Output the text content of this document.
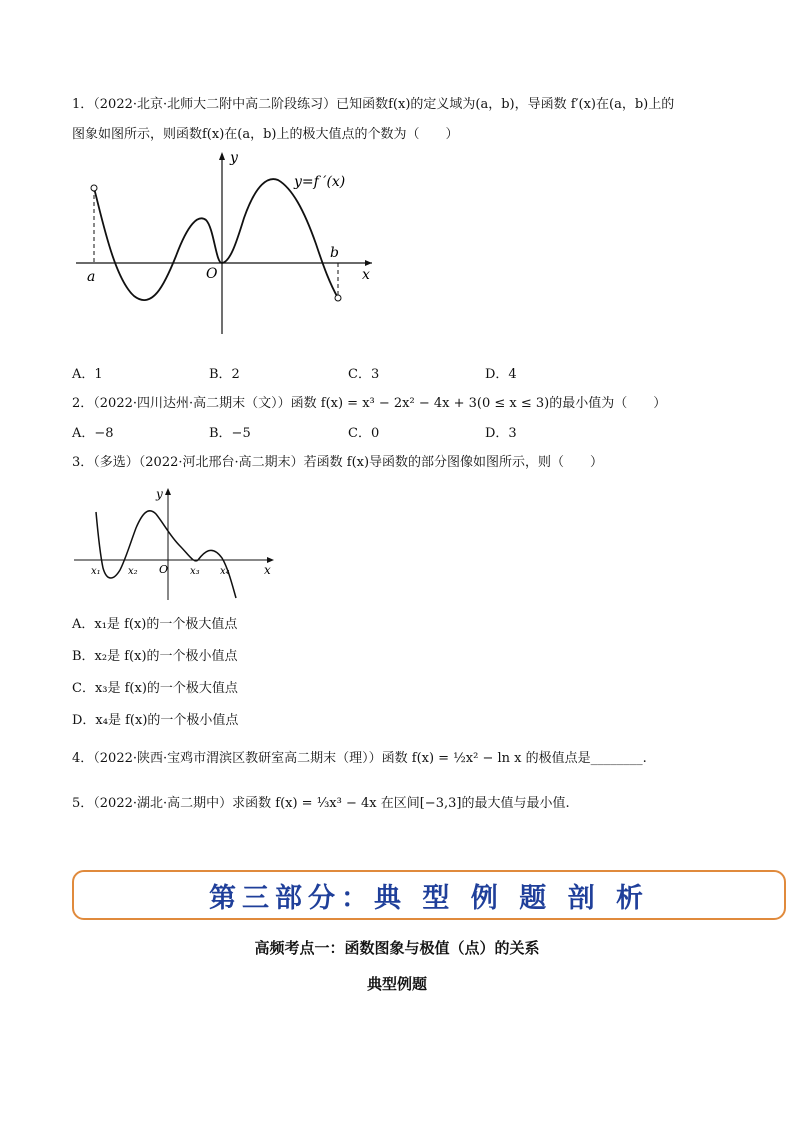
1．（2022·北京·北师大二附中高二阶段练习）已知函数f(x)的定义域为(a，b)，导函数 f′(x)在(a，b)上的
图象如图所示，则函数f(x)在(a，b)上的极大值点的个数为（　　）
y
x
O
a
b
y=f ′(x)
A．1	B．2	C．3	D．4
2．（2022·四川达州·高二期末（文））函数 f(x) = x³ − 2x² − 4x + 3(0 ≤ x ≤ 3)的最小值为（　　）
A．−8	B．−5	C．0	D．3
3．（多选）（2022·河北邢台·高二期末）若函数 f(x)导函数的部分图像如图所示，则（　　）
y
x
O
x₁	x₂	x₃ x₄
A．x₁是 f(x)的一个极大值点
B．x₂是 f(x)的一个极小值点
C．x₃是 f(x)的一个极大值点
D．x₄是 f(x)的一个极小值点
4．（2022·陕西·宝鸡市渭滨区教研室高二期末（理））函数 f(x) = ½x² − ln x 的极值点是________.
5．（2022·湖北·高二期中）求函数 f(x) = ⅓x³ − 4x 在区间[−3,3]的最大值与最小值.
第三部分：典 型 例 题 剖 析
高频考点一：函数图象与极值（点）的关系
典型例题
